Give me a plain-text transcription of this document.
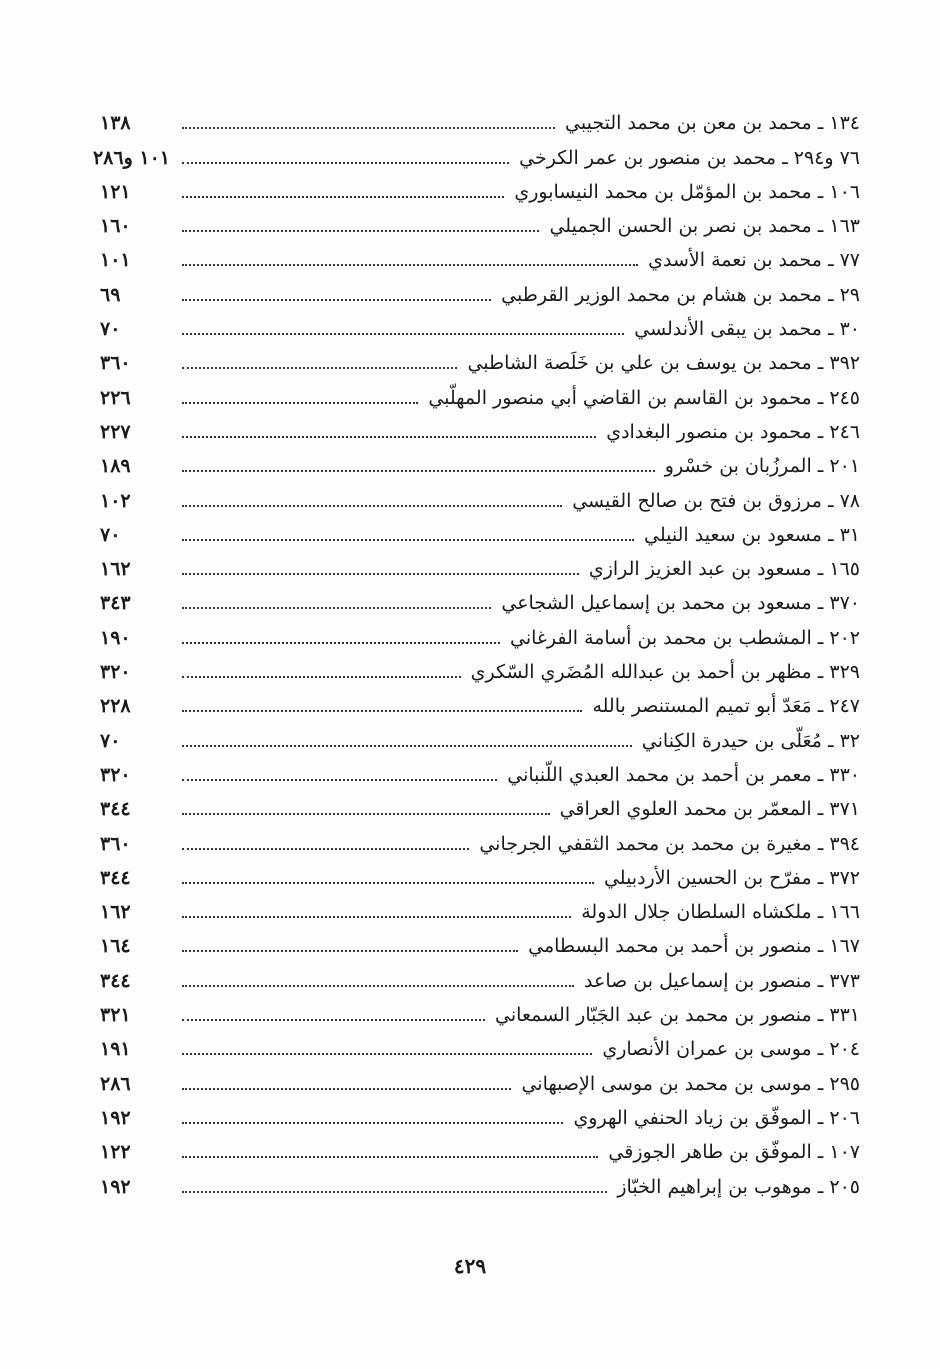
١٣٤ ـ محمد بن معن بن محمد التجيبي
١٣٨
٧٦ و٢٩٤ ـ محمد بن منصور بن عمر الكرخي
١٠١ و٢٨٦
١٠٦ ـ محمد بن المؤمّل بن محمد النيسابوري
١٢١
١٦٣ ـ محمد بن نصر بن الحسن الجميلي
١٦٠
٧٧ ـ محمد بن نعمة الأسدي
١٠١
٢٩ ـ محمد بن هشام بن محمد الوزير القرطبي
٦٩
٣٠ ـ محمد بن يبقى الأندلسي
٧٠
٣٩٢ ـ محمد بن يوسف بن علي بن خَلَصة الشاطبي
٣٦٠
٢٤٥ ـ محمود بن القاسم بن القاضي أبي منصور المهلّبي
٢٢٦
٢٤٦ ـ محمود بن منصور البغدادي
٢٢٧
٢٠١ ـ المرزُبان بن خسْرو
١٨٩
٧٨ ـ مرزوق بن فتح بن صالح القيسي
١٠٢
٣١ ـ مسعود بن سعيد النيلي
٧٠
١٦٥ ـ مسعود بن عبد العزيز الرازي
١٦٢
٣٧٠ ـ مسعود بن محمد بن إسماعيل الشجاعي
٣٤٣
٢٠٢ ـ المشطب بن محمد بن أسامة الفرغاني
١٩٠
٣٢٩ ـ مظهر بن أحمد بن عبدالله المُضَري السّكري
٣٢٠
٢٤٧ ـ مَعَدّ أبو تميم المستنصر بالله
٢٢٨
٣٢ ـ مُعَلّى بن حيدرة الكِناني
٧٠
٣٣٠ ـ معمر بن أحمد بن محمد العبدي اللّنباني
٣٢٠
٣٧١ ـ المعمّر بن محمد العلوي العراقي
٣٤٤
٣٩٤ ـ مغيرة بن محمد بن محمد الثقفي الجرجاني
٣٦٠
٣٧٢ ـ مفرّح بن الحسين الأردبيلي
٣٤٤
١٦٦ ـ ملكشاه السلطان جلال الدولة
١٦٢
١٦٧ ـ منصور بن أحمد بن محمد البسطامي
١٦٤
٣٧٣ ـ منصور بن إسماعيل بن صاعد
٣٤٤
٣٣١ ـ منصور بن محمد بن عبد الجَبّار السمعاني
٣٢١
٢٠٤ ـ موسى بن عمران الأنصاري
١٩١
٢٩٥ ـ موسى بن محمد بن موسى الإصبهاني
٢٨٦
٢٠٦ ـ الموفّق بن زياد الحنفي الهروي
١٩٢
١٠٧ ـ الموفّق بن طاهر الجوزقي
١٢٢
٢٠٥ ـ موهوب بن إبراهيم الخبّاز
١٩٢
٤٢٩
